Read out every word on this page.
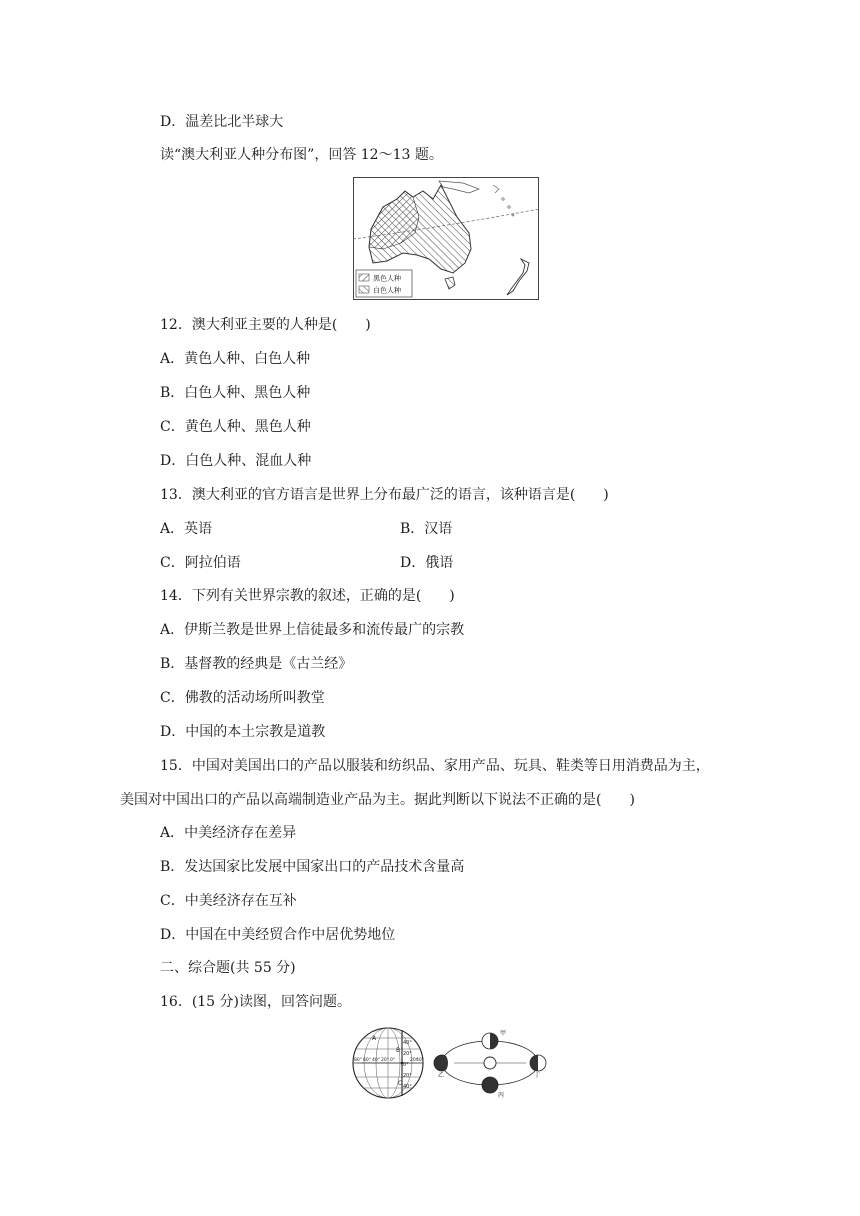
D．温差比北半球大
读“澳大利亚人种分布图”，回答 12～13 题。
黑色人种
白色人种
12．澳大利亚主要的人种是(　　)
A．黄色人种、白色人种
B．白色人种、黑色人种
C．黄色人种、黑色人种
D．白色人种、混血人种
13．澳大利亚的官方语言是世界上分布最广泛的语言，该种语言是(　　)
A．英语	B．汉语
C．阿拉伯语	D．俄语
14．下列有关世界宗教的叙述，正确的是(　　)
A．伊斯兰教是世界上信徒最多和流传最广的宗教
B．基督教的经典是《古兰经》
C．佛教的活动场所叫教堂
D．中国的本土宗教是道教
15．中国对美国出口的产品以服装和纺织品、家用产品、玩具、鞋类等日用消费品为主，
美国对中国出口的产品以高端制造业产品为主。据此判断以下说法不正确的是(　　)
A．中美经济存在差异
B．发达国家比发展中国家出口的产品技术含量高
C．中美经济存在互补
D．中国在中美经贸合作中居优势地位
二、综合题(共 55 分)
16．(15 分)读图，回答问题。
40°
20°
0°
20°
40°
80° 60° 40° 20° 0°	20°
40°
A
B
C
甲
乙
丙
丁
